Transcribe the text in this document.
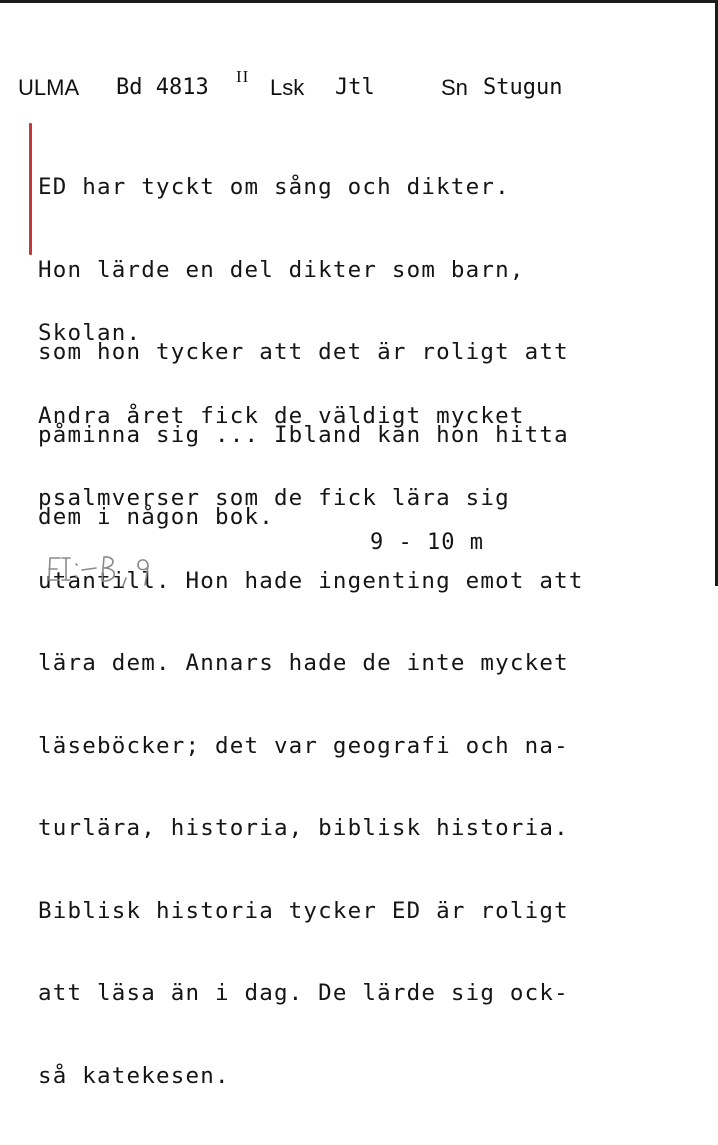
ULMA Bd 4813 II Lsk Jtl	Sn Stugun

ED har tyckt om sång och dikter.

Hon lärde en del dikter som barn,

som hon tycker att det är roligt att

påminna sig ... Ibland kan hon hitta

dem i någon bok.

Skolan.

Andra året fick de väldigt mycket

psalmverser som de fick lära sig

utantill. Hon hade ingenting emot att

lära dem. Annars hade de inte mycket

läseböcker; det var geografi och na-

turlära, historia, biblisk historia.

Biblisk historia tycker ED är roligt

att läsa än i dag. De lärde sig ock-

så katekesen.

9 - 10 m
